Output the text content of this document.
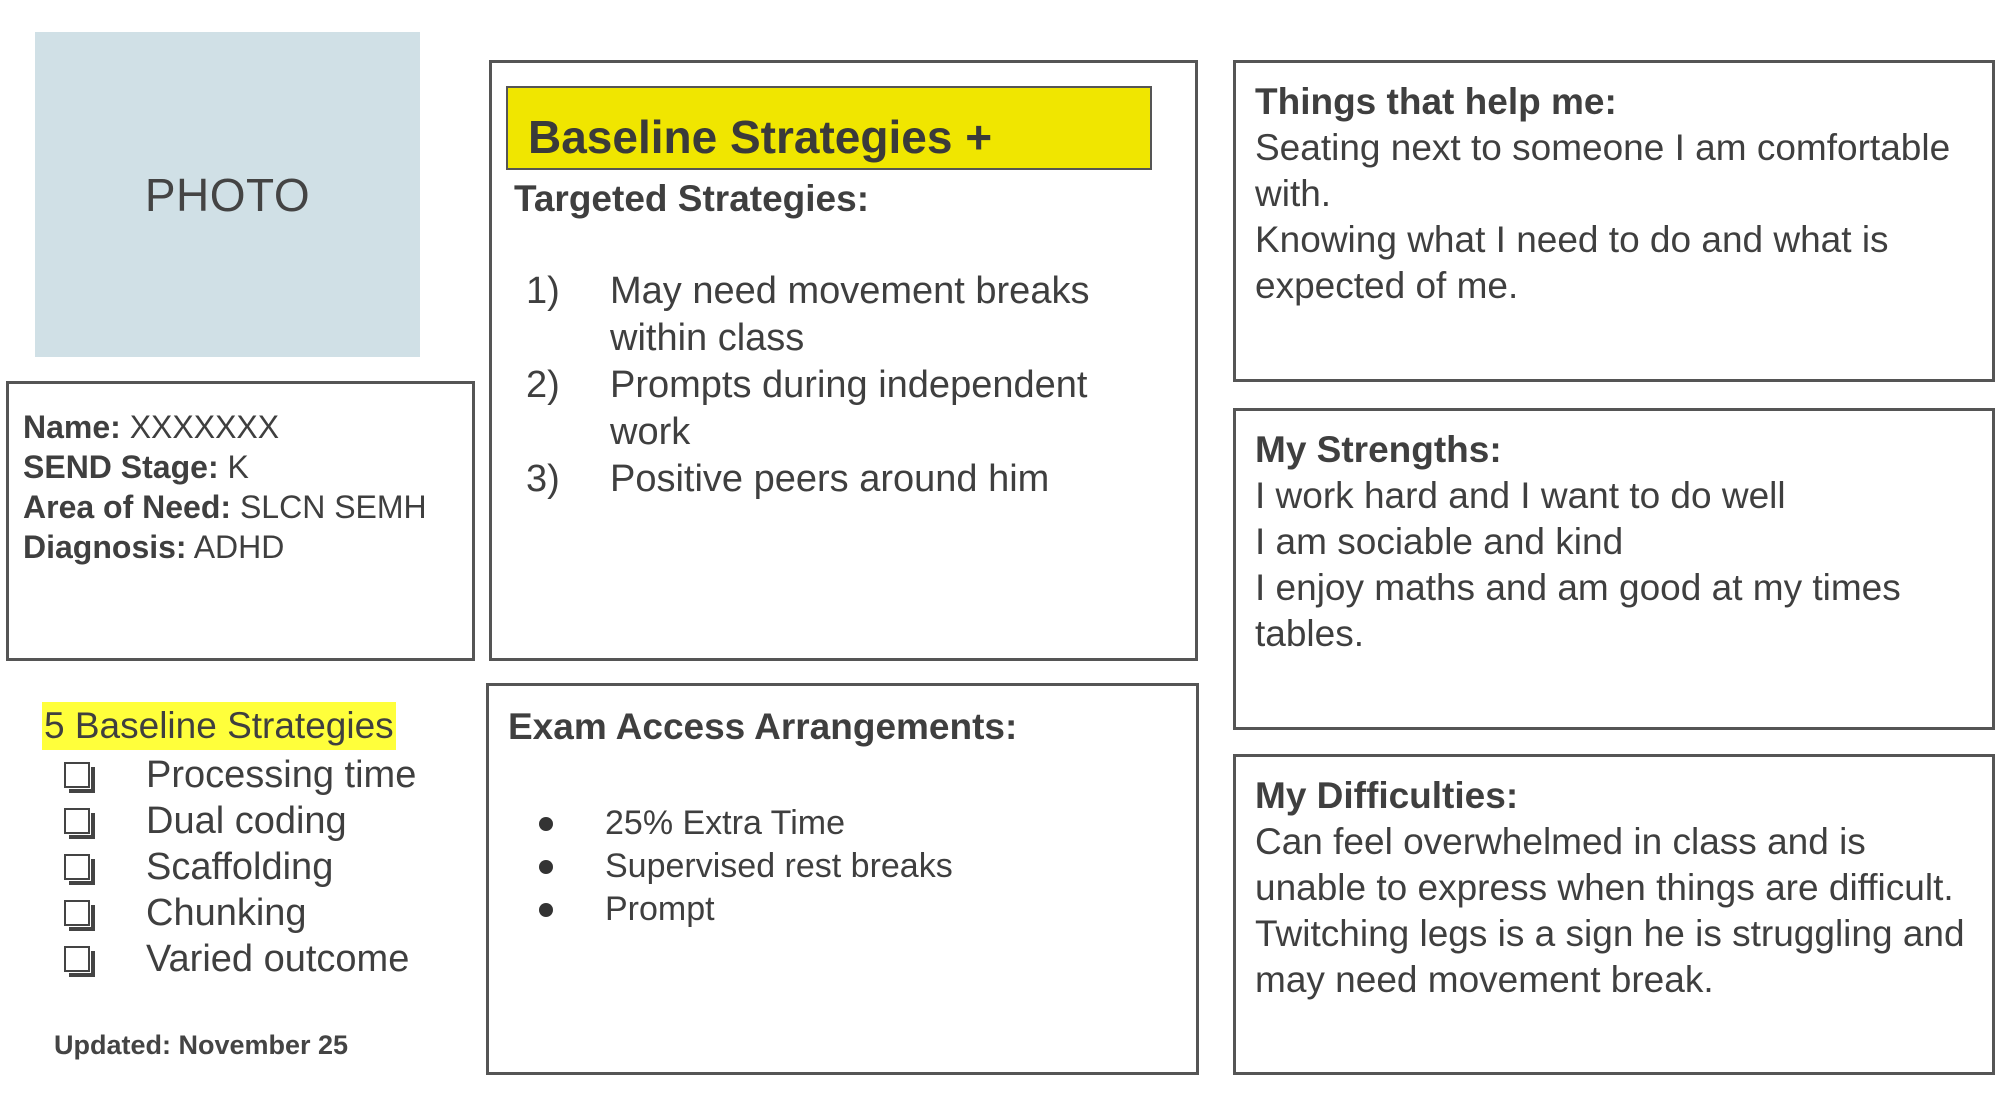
PHOTO
Name: XXXXXXX
SEND Stage: K
Area of Need: SLCN SEMH
Diagnosis: ADHD
5 Baseline Strategies
Processing time
Dual coding
Scaffolding
Chunking
Varied outcome
Updated: November 25
Baseline Strategies +
Targeted Strategies:
1)	May need movement breaks within class
2)	Prompts during independent work
3)	Positive peers around him
Exam Access Arrangements:
25% Extra Time
Supervised rest breaks
Prompt
Things that help me:
Seating next to someone I am comfortable with.
Knowing what I need to do and what is expected of me.
My Strengths:
I work hard and I want to do well
I am sociable and kind
I enjoy maths and am good at my times tables.
My Difficulties:
Can feel overwhelmed in class and is unable to express when things are difficult.
Twitching legs is a sign he is struggling and may need movement break.
